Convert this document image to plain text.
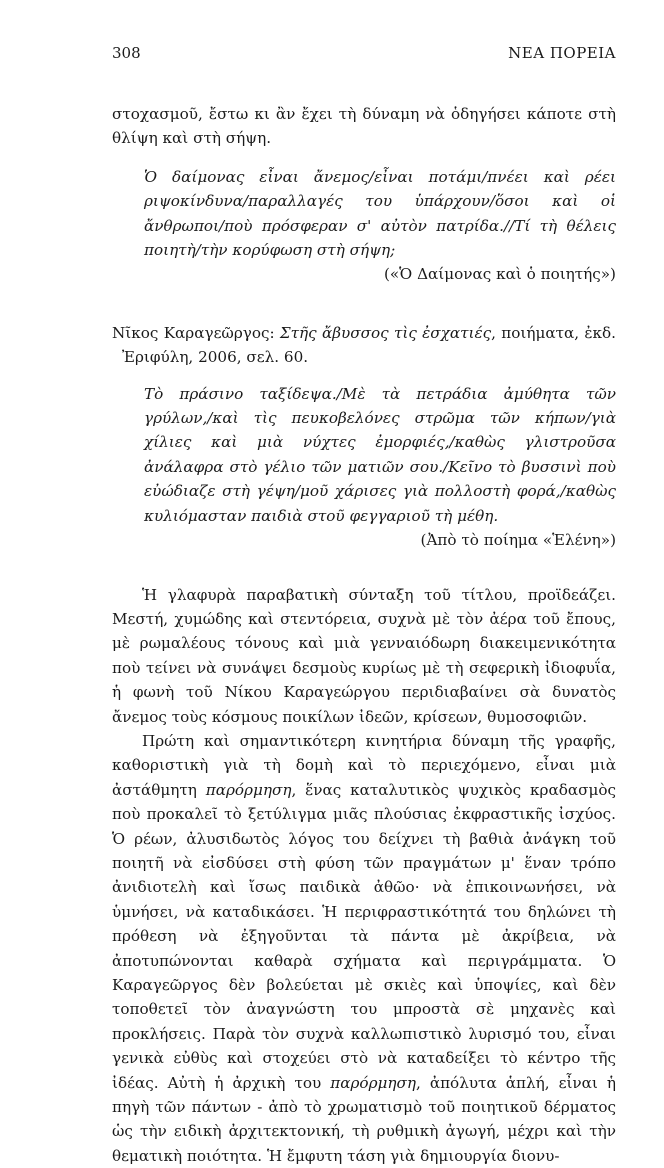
308	ΝΕΑ ΠΟΡΕΙΑ

στοχασμοῦ, ἔστω κι ἂν ἔχει τὴ δύναμη νὰ ὁδηγήσει κάποτε στὴ θλίψη καὶ στὴ σήψη.

Ὁ δαίμονας εἶναι ἄνεμος/εἶναι ποτάμι/πνέει καὶ ρέει ριψοκίνδυνα/παραλλαγές του ὑπάρχουν/ὅσοι καὶ οἱ ἄνθρωποι/ποὺ πρόσφεραν σ' αὐτὸν πατρίδα.//Τί τὴ θέλεις ποιητὴ/τὴν κορύφωση στὴ σήψη;

(«Ὁ Δαίμονας καὶ ὁ ποιητής»)

Νῖκος Καραγεῶργος: Στῆς ἄβυσσος τὶς ἐσχατιές, ποιήματα, ἐκδ. Ἐριφύλη, 2006, σελ. 60.

Τὸ πράσινο ταξίδεψα./Μὲ τὰ πετράδια ἀμύθητα τῶν γρύλων,/καὶ τὶς πευκοβελόνες στρῶμα τῶν κήπων/γιὰ χίλιες καὶ μιὰ νύχτες ἐμορφιές,/καθὼς γλιστροῦσα ἀνάλαφρα στὸ γέλιο τῶν ματιῶν σου./Κεῖνο τὸ βυσσινὶ ποὺ εὐώδιαζε στὴ γέψη/μοῦ χάρισες γιὰ πολλοστὴ φορά,/καθὼς κυλιόμασταν παιδιὰ στοῦ φεγγαριοῦ τὴ μέθη.

(Ἀπὸ τὸ ποίημα «Ἑλένη»)

Ἡ γλαφυρὰ παραβατικὴ σύνταξη τοῦ τίτλου, προϊδεάζει. Μεστή, χυμώδης καὶ στεντόρεια, συχνὰ μὲ τὸν ἀέρα τοῦ ἔπους, μὲ ρωμαλέους τόνους καὶ μιὰ γενναιόδωρη διακειμενικότητα ποὺ τείνει νὰ συνάψει δεσμοὺς κυρίως μὲ τὴ σεφερικὴ ἰδιοφυΐα, ἡ φωνὴ τοῦ Νίκου Καραγεώργου περιδιαβαίνει σὰ δυνατὸς ἄνεμος τοὺς κόσμους ποικίλων ἰδεῶν, κρίσεων, θυμοσοφιῶν.

Πρώτη καὶ σημαντικότερη κινητήρια δύναμη τῆς γραφῆς, καθοριστικὴ γιὰ τὴ δομὴ καὶ τὸ περιεχόμενο, εἶναι μιὰ ἀστάθμητη παρόρμηση, ἕνας καταλυτικὸς ψυχικὸς κραδασμὸς ποὺ προκαλεῖ τὸ ξετύλιγμα μιᾶς πλούσιας ἐκφραστικῆς ἰσχύος. Ὁ ρέων, ἀλυσιδωτὸς λόγος του δείχνει τὴ βαθιὰ ἀνάγκη τοῦ ποιητῆ νὰ εἰσδύσει στὴ φύση τῶν πραγμάτων μ' ἕναν τρόπο ἀνιδιοτελὴ καὶ ἴσως παιδικὰ ἀθῶο· νὰ ἐπικοινωνήσει, νὰ ὑμνήσει, νὰ καταδικάσει. Ἡ περιφραστικότητά του δηλώνει τὴ πρόθεση νὰ ἐξηγοῦνται τὰ πάντα μὲ ἀκρίβεια, νὰ ἀποτυπώνονται καθαρὰ σχήματα καὶ περιγράμματα. Ὁ Καραγεῶργος δὲν βολεύεται μὲ σκιὲς καὶ ὑποψίες, καὶ δὲν τοποθετεῖ τὸν ἀναγνώστη του μπροστὰ σὲ μηχανὲς καὶ προκλήσεις. Παρὰ τὸν συχνὰ καλλωπιστικὸ λυρισμό του, εἶναι γενικὰ εὐθὺς καὶ στοχεύει στὸ νὰ καταδείξει τὸ κέντρο τῆς ἰδέας. Αὐτὴ ἡ ἀρχικὴ του παρόρμηση, ἀπόλυτα ἁπλή, εἶναι ἡ πηγὴ τῶν πάντων - ἀπὸ τὸ χρωματισμὸ τοῦ ποιητικοῦ δέρματος ὡς τὴν ειδικὴ ἀρχιτεκτονική, τὴ ρυθμικὴ ἀγωγή, μέχρι καὶ τὴν θεματικὴ ποιότητα. Ἡ ἔμφυτη τάση γιὰ δημιουργία διονυ-
